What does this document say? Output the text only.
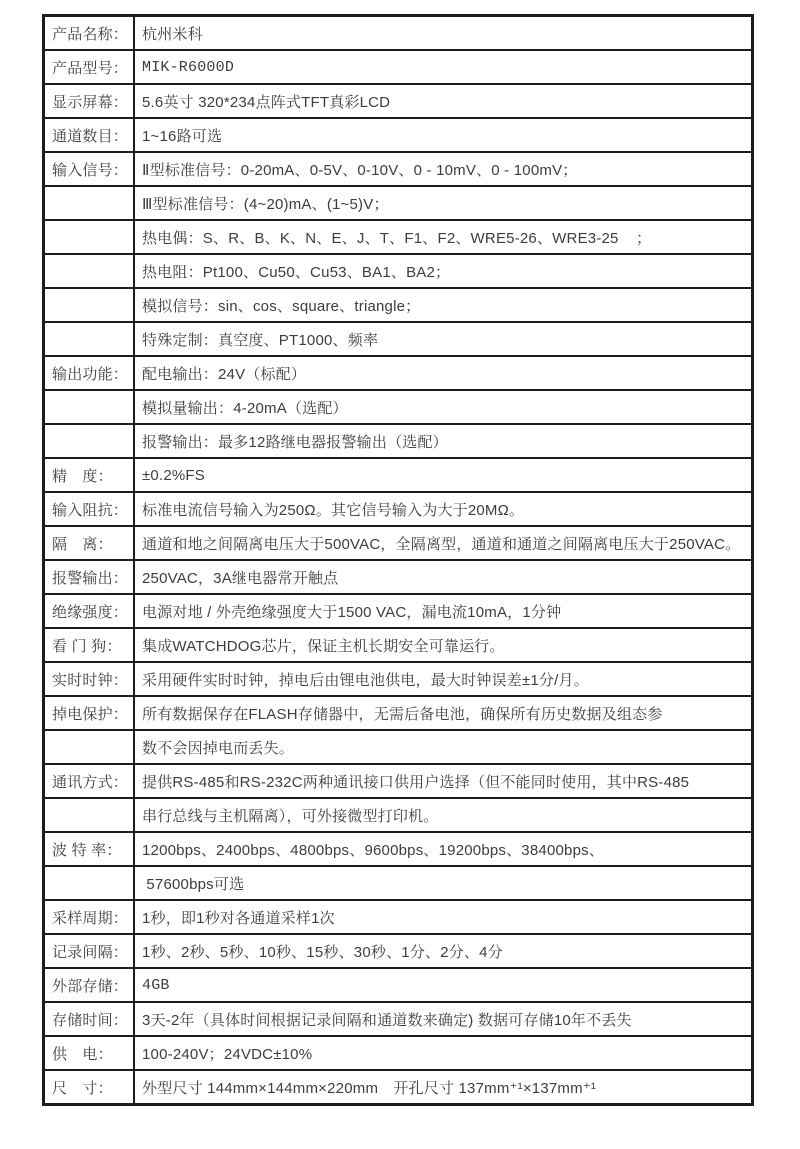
产品名称：	杭州米科
产品型号：	MIK-R6000D
显示屏幕：	5.6英寸 320*234点阵式TFT真彩LCD
通道数目：	1~16路可选
输入信号：	Ⅱ型标准信号：0-20mA、0-5V、0-10V、0 - 10mV、0 - 100mV；
	Ⅲ型标准信号：(4~20)mA、(1~5)V；
	热电偶：S、R、B、K、N、E、J、T、F1、F2、WRE5-26、WRE3-25    ；
	热电阻：Pt100、Cu50、Cu53、BA1、BA2；
	模拟信号：sin、cos、square、triangle；
	特殊定制：真空度、PT1000、频率
输出功能：	配电输出：24V（标配）
	模拟量输出：4-20mA（选配）
	报警输出：最多12路继电器报警输出（选配）
精　度：	±0.2%FS
输入阻抗：	标准电流信号输入为250Ω。其它信号输入为大于20MΩ。
隔　离：	通道和地之间隔离电压大于500VAC，全隔离型，通道和通道之间隔离电压大于250VAC。
报警输出：	250VAC，3A继电器常开触点
绝缘强度：	电源对地 / 外壳绝缘强度大于1500 VAC，漏电流10mA，1分钟
看 门 狗：	集成WATCHDOG芯片，保证主机长期安全可靠运行。
实时时钟：	采用硬件实时时钟，掉电后由锂电池供电，最大时钟误差±1分/月。
掉电保护：	所有数据保存在FLASH存储器中，无需后备电池，确保所有历史数据及组态参
	数不会因掉电而丢失。
通讯方式：	提供RS-485和RS-232C两种通讯接口供用户选择（但不能同时使用，其中RS-485
	串行总线与主机隔离），可外接微型打印机。
波 特 率：	1200bps、2400bps、4800bps、9600bps、19200bps、38400bps、
	57600bps可选
采样周期：	1秒，即1秒对各通道采样1次
记录间隔：	1秒、2秒、5秒、10秒、15秒、30秒、1分、2分、4分
外部存储：	4GB
存储时间：	3天-2年（具体时间根据记录间隔和通道数来确定) 数据可存储10年不丢失
供　电：	100-240V；24VDC±10%
尺　寸：	外型尺寸 144mm×144mm×220mm　开孔尺寸 137mm⁺¹×137mm⁺¹
